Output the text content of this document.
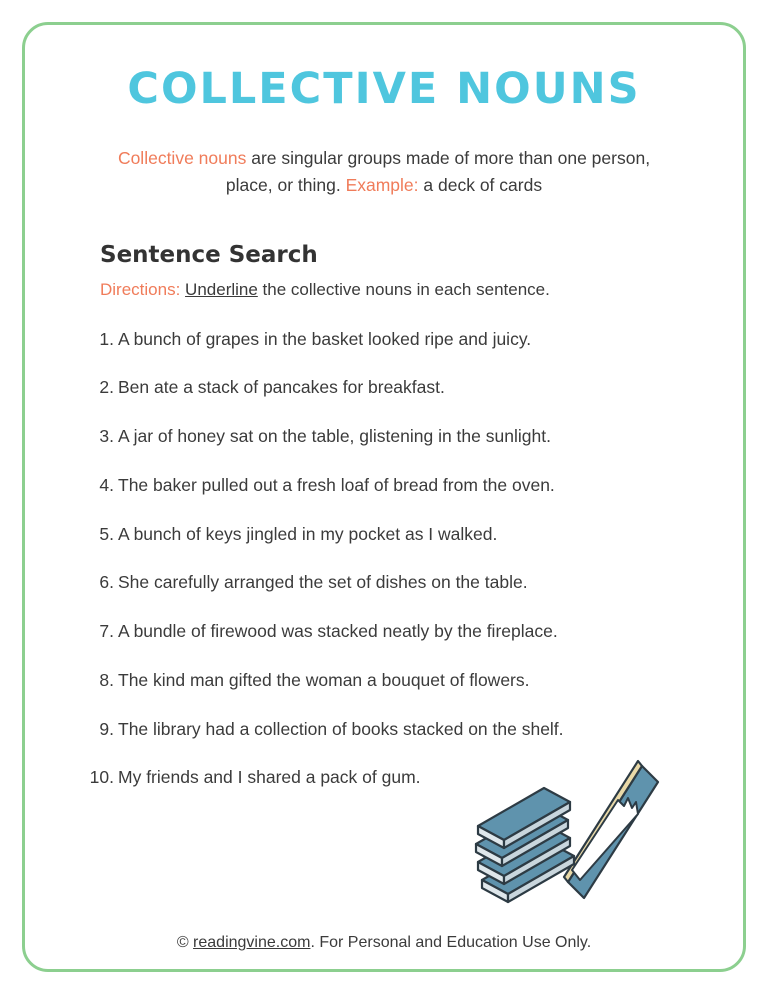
COLLECTIVE NOUNS

Collective nouns are singular groups made of more than one person, place, or thing. Example: a deck of cards

Sentence Search

Directions: Underline the collective nouns in each sentence.

1. A bunch of grapes in the basket looked ripe and juicy.
2. Ben ate a stack of pancakes for breakfast.
3. A jar of honey sat on the table, glistening in the sunlight.
4. The baker pulled out a fresh loaf of bread from the oven.
5. A bunch of keys jingled in my pocket as I walked.
6. She carefully arranged the set of dishes on the table.
7. A bundle of firewood was stacked neatly by the fireplace.
8. The kind man gifted the woman a bouquet of flowers.
9. The library had a collection of books stacked on the shelf.
10. My friends and I shared a pack of gum.
© readingvine.com. For Personal and Education Use Only.
